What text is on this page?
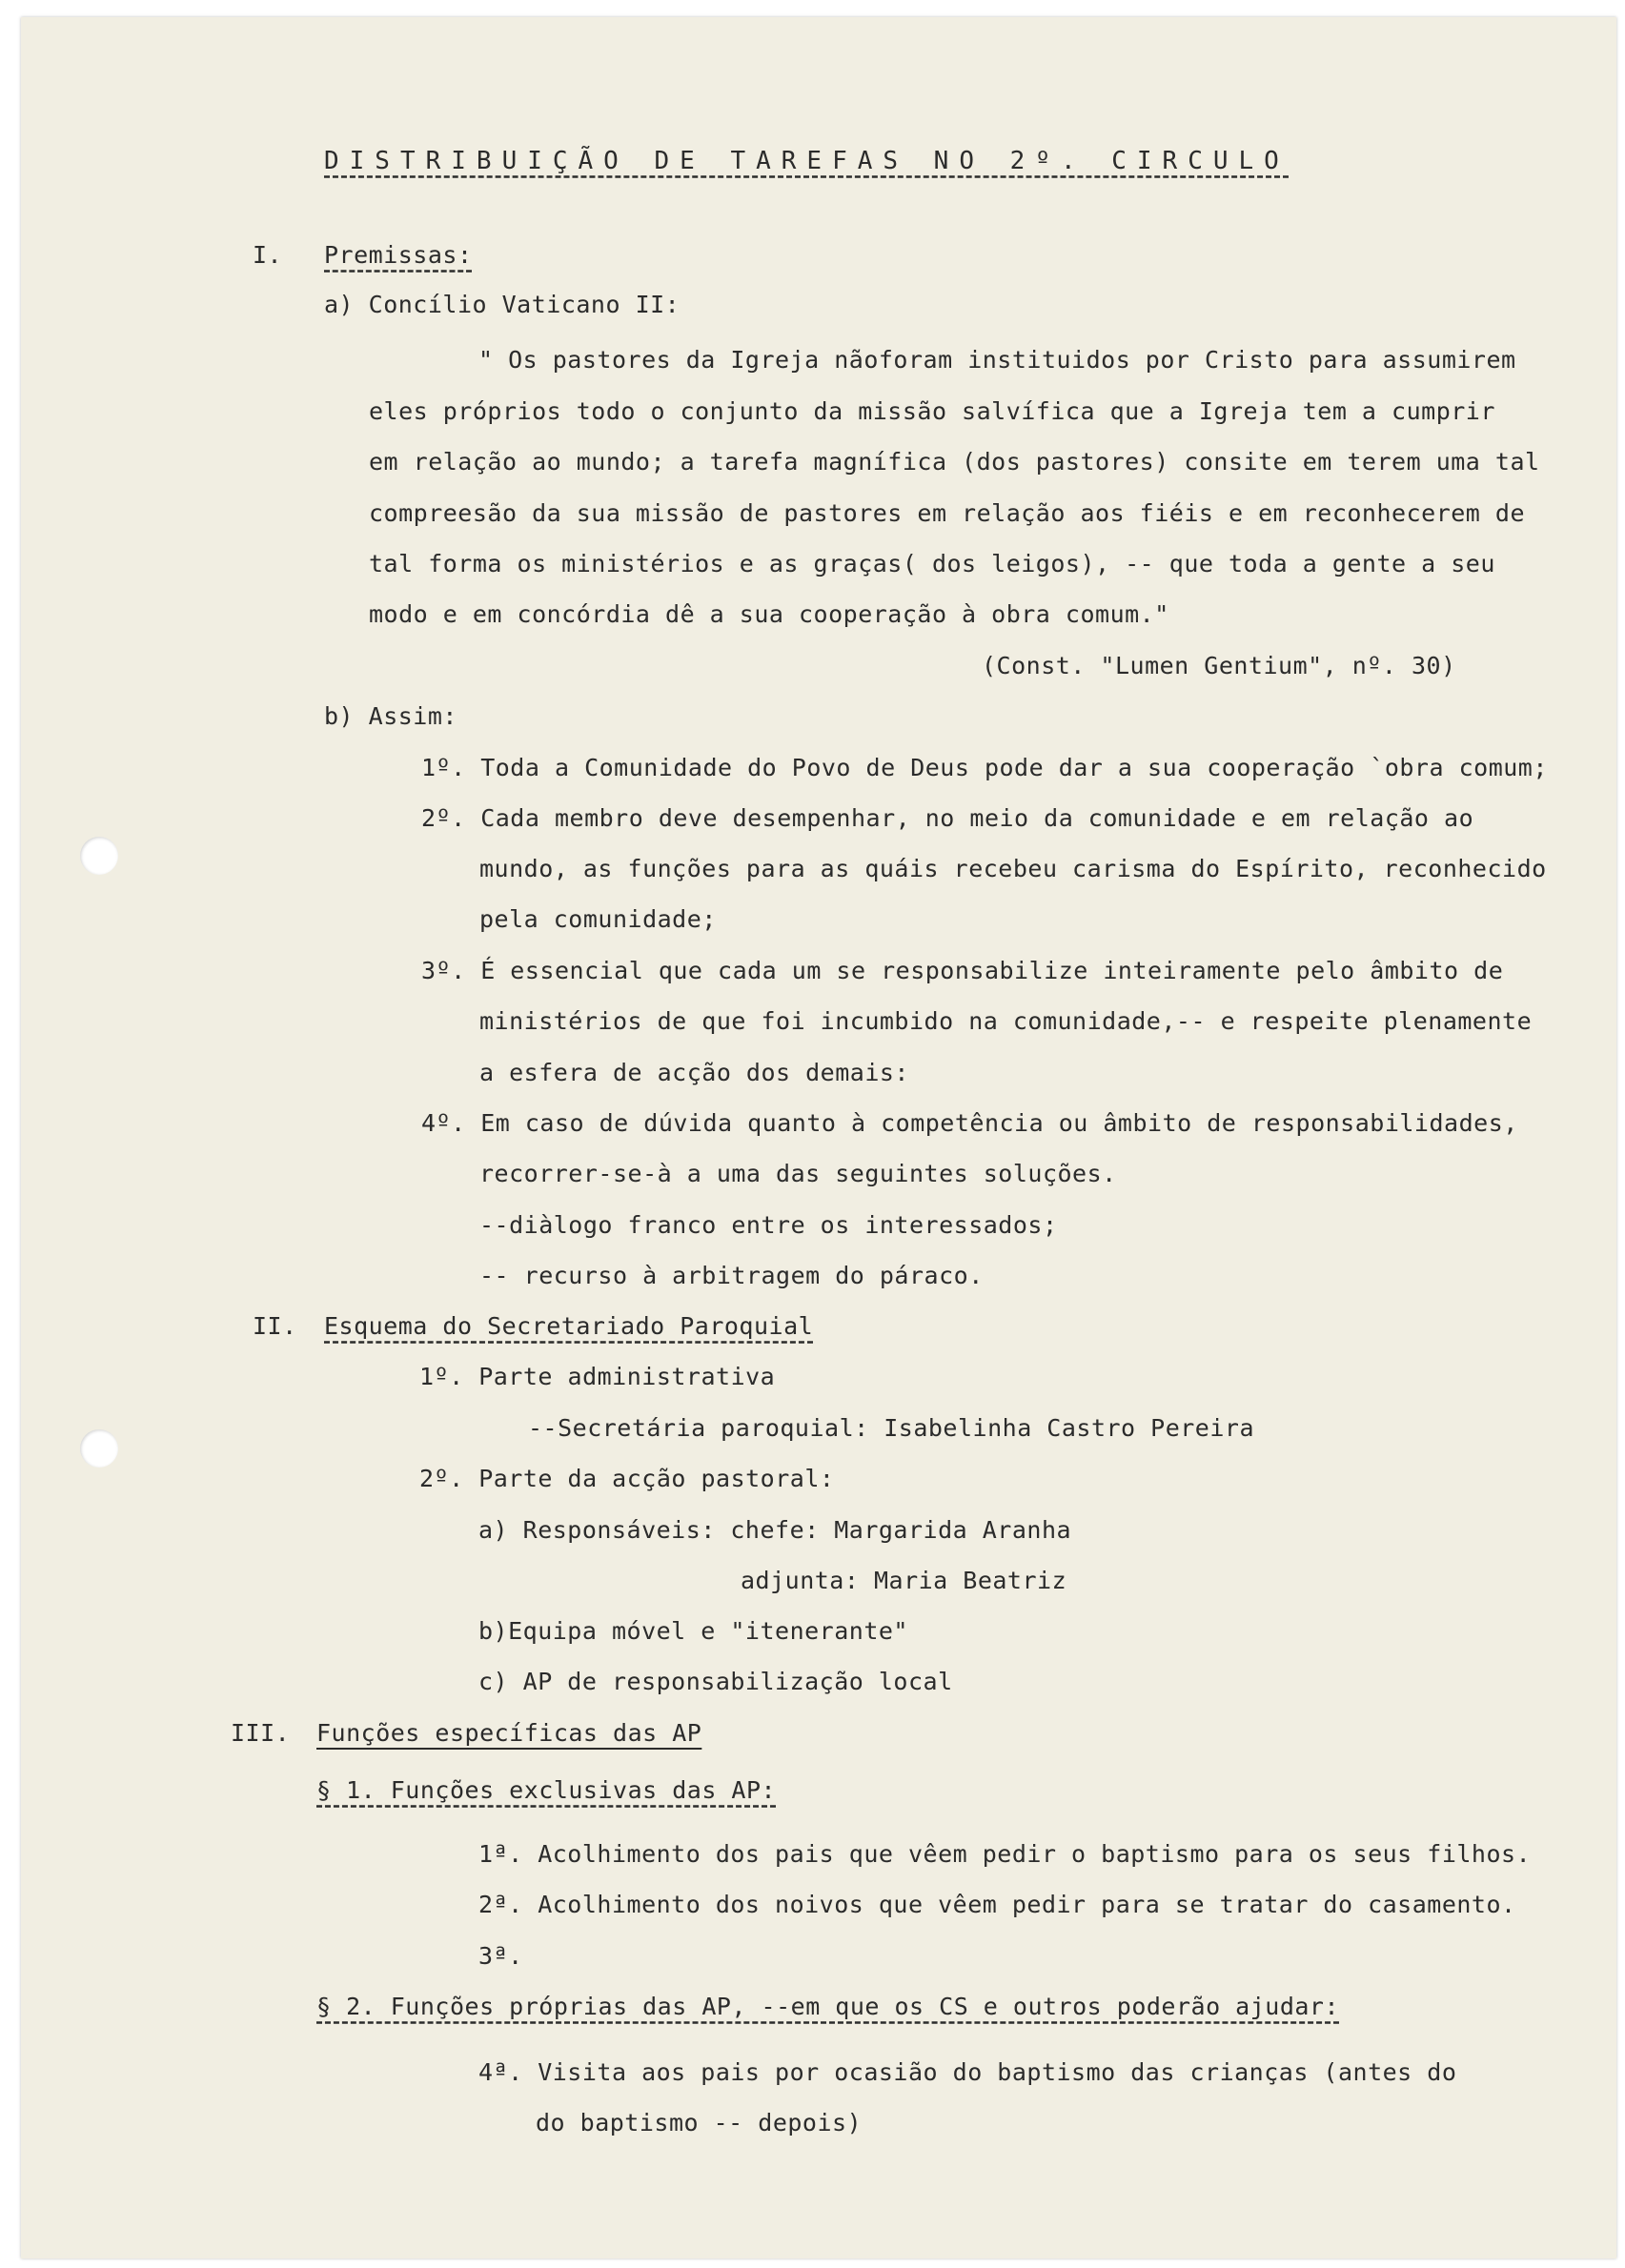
DISTRIBUIÇÃO DE TAREFAS NO 2º. CIRCULO
I. Premissas:
a) Concílio Vaticano II:
" Os pastores da Igreja nãoforam instituidos por Cristo para assumirem
eles próprios todo o conjunto da missão salvífica que a Igreja tem a cumprir
em relação ao mundo; a tarefa magnífica (dos pastores) consite em terem uma tal
compreesão da sua missão de pastores em relação aos fiéis e em reconhecerem de
tal forma os ministérios e as graças( dos leigos), -- que toda a gente a seu
modo e em concórdia dê a sua cooperação à obra comum."
(Const. "Lumen Gentium", nº. 30)
b) Assim:
1º. Toda a Comunidade do Povo de Deus pode dar a sua cooperação `obra comum;
2º. Cada membro deve desempenhar, no meio da comunidade e em relação ao
mundo, as funções para as quáis recebeu carisma do Espírito, reconhecido
pela comunidade;
3º. É essencial que cada um se responsabilize inteiramente pelo âmbito de
ministérios de que foi incumbido na comunidade,-- e respeite plenamente
a esfera de acção dos demais:
4º. Em caso de dúvida quanto à competência ou âmbito de responsabilidades,
recorrer-se-à a uma das seguintes soluções.
--diàlogo franco entre os interessados;
-- recurso à arbitragem do páraco.
II. Esquema do Secretariado Paroquial
1º. Parte administrativa
--Secretária paroquial: Isabelinha Castro Pereira
2º. Parte da acção pastoral:
a) Responsáveis: chefe: Margarida Aranha
adjunta: Maria Beatriz
b)Equipa móvel e "itenerante"
c) AP de responsabilização local
III. Funções específicas das AP
§ 1. Funções exclusivas das AP:
1ª. Acolhimento dos pais que vêem pedir o baptismo para os seus filhos.
2ª. Acolhimento dos noivos que vêem pedir para se tratar do casamento.
3ª.
§ 2. Funções próprias das AP, --em que os CS e outros poderão ajudar:
4ª. Visita aos pais por ocasião do baptismo das crianças (antes do
do baptismo -- depois)
